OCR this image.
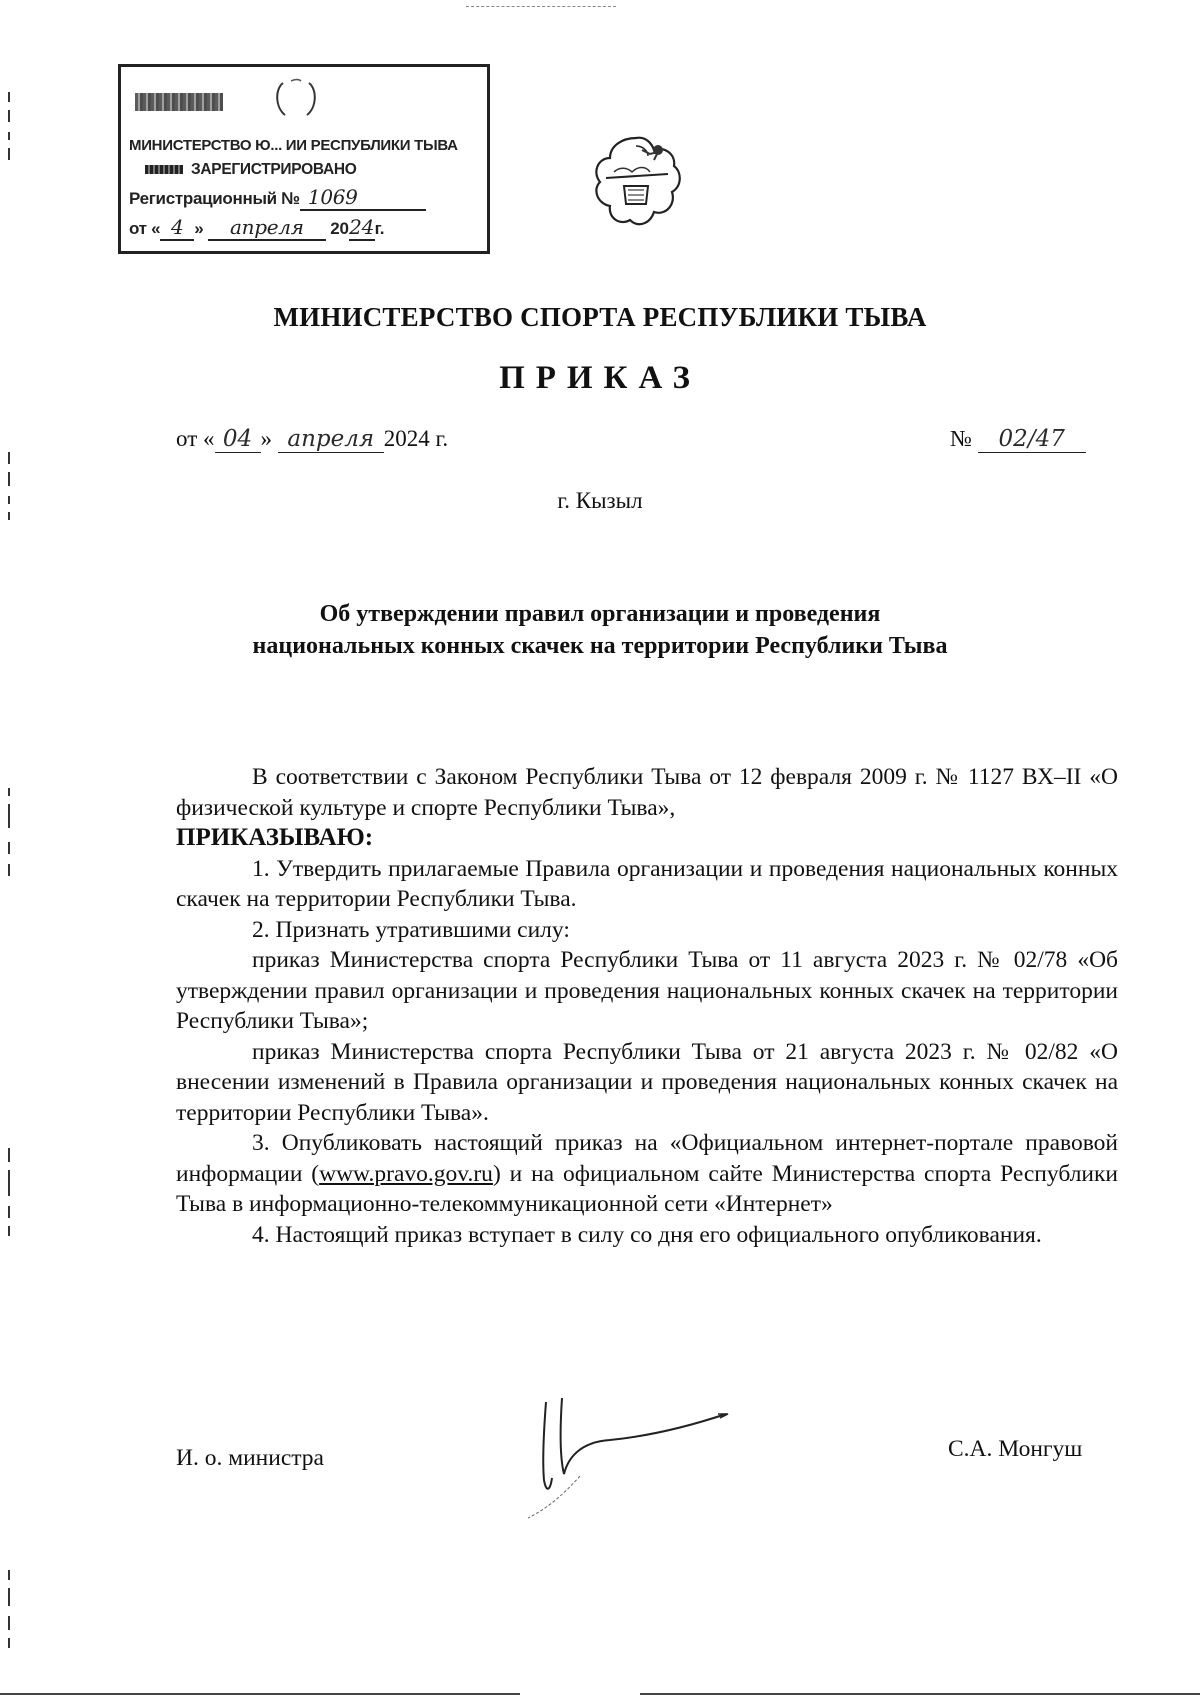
МИНИСТЕРСТВО Ю... ИИ РЕСПУБЛИКИ ТЫВА
ЗАРЕГИСТРИРОВАНО
Регистрационный № 1069
от « 4 » апреля 2024г.
МИНИСТЕРСТВО СПОРТА РЕСПУБЛИКИ ТЫВА
ПРИКАЗ
от « 04 » апреля 2024 г.	№ 02/47
г. Кызыл
Об утверждении правил организации и проведения
национальных конных скачек на территории Республики Тыва

В соответствии с Законом Республики Тыва от 12 февраля 2009 г. № 1127 ВХ–II «О физической культуре и спорте Республики Тыва»,

ПРИКАЗЫВАЮ:

1. Утвердить прилагаемые Правила организации и проведения национальных конных скачек на территории Республики Тыва.

2. Признать утратившими силу:

приказ Министерства спорта Республики Тыва от 11 августа 2023 г. № 02/78 «Об утверждении правил организации и проведения национальных конных скачек на территории Республики Тыва»;

приказ Министерства спорта Республики Тыва от 21 августа 2023 г. № 02/82 «О внесении изменений в Правила организации и проведения национальных конных скачек на территории Республики Тыва».

3. Опубликовать настоящий приказ на «Официальном интернет-портале правовой информации (www.pravo.gov.ru) и на официальном сайте Министерства спорта Республики Тыва в информационно-телекоммуникационной сети «Интернет»

4. Настоящий приказ вступает в силу со дня его официального опубликования.

И. о. министра	С.А. Монгуш
